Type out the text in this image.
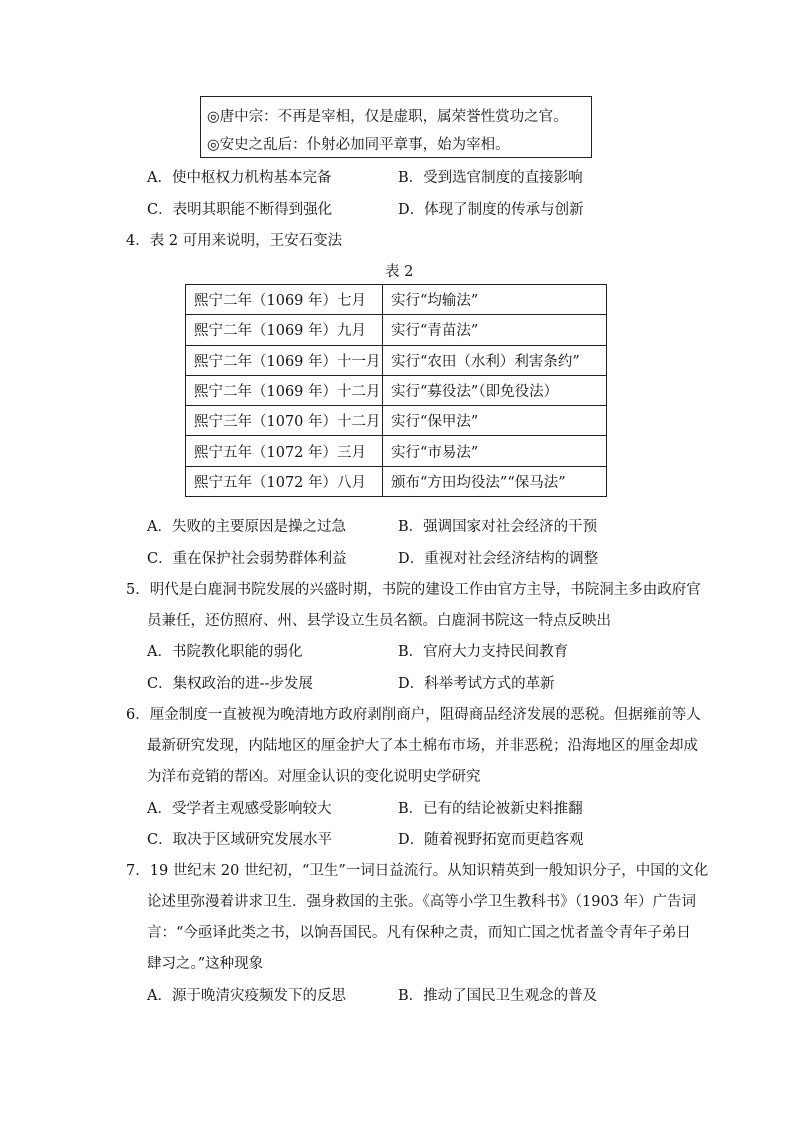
◎唐中宗：不再是宰相，仅是虚职，属荣誉性赏功之官。
◎安史之乱后：仆射必加同平章事，始为宰相。
A．使中枢权力机构基本完备	B．受到选官制度的直接影响
C．表明其职能不断得到强化	D．体现了制度的传承与创新
4．表 2 可用来说明，王安石变法
表 2
熙宁二年（1069 年）七月	实行“均输法”
熙宁二年（1069 年）九月	实行“青苗法”
熙宁二年（1069 年）十一月	实行“农田（水利）利害条约”
熙宁二年（1069 年）十二月	实行“募役法”（即免役法）
熙宁三年（1070 年）十二月	实行“保甲法”
熙宁五年（1072 年）三月	实行“市易法”
熙宁五年（1072 年）八月	颁布“方田均役法”“保马法”
A．失败的主要原因是操之过急	B．强调国家对社会经济的干预
C．重在保护社会弱势群体利益	D．重视对社会经济结构的调整
5．明代是白鹿洞书院发展的兴盛时期，书院的建设工作由官方主导，书院洞主多由政府官
员兼任，还仿照府、州、县学设立生员名额。白鹿洞书院这一特点反映出
A．书院教化职能的弱化	B．官府大力支持民间教育
C．集权政治的进--步发展	D．科举考试方式的革新
6．厘金制度一直被视为晚清地方政府剥削商户，阻碍商品经济发展的恶税。但据雍前等人
最新研究发现，内陆地区的厘金护大了本土棉布市场，并非恶税；沿海地区的厘金却成
为洋布竞销的帮凶。对厘金认识的变化说明史学研究
A．受学者主观感受影响较大	B．已有的结论被新史料推翻
C．取决于区域研究发展水平	D．随着视野拓宽而更趋客观
7．19 世纪末 20 世纪初，“卫生”一词日益流行。从知识精英到一般知识分子，中国的文化
论述里弥漫着讲求卫生．强身救国的主张。《高等小学卫生教科书》（1903 年）广告词
言：“今亟译此类之书，以饷吾国民。凡有保种之责，而知亡国之忧者盖令青年子弟日
肆习之。”这种现象
A．源于晚清灾疫频发下的反思	B．推动了国民卫生观念的普及
